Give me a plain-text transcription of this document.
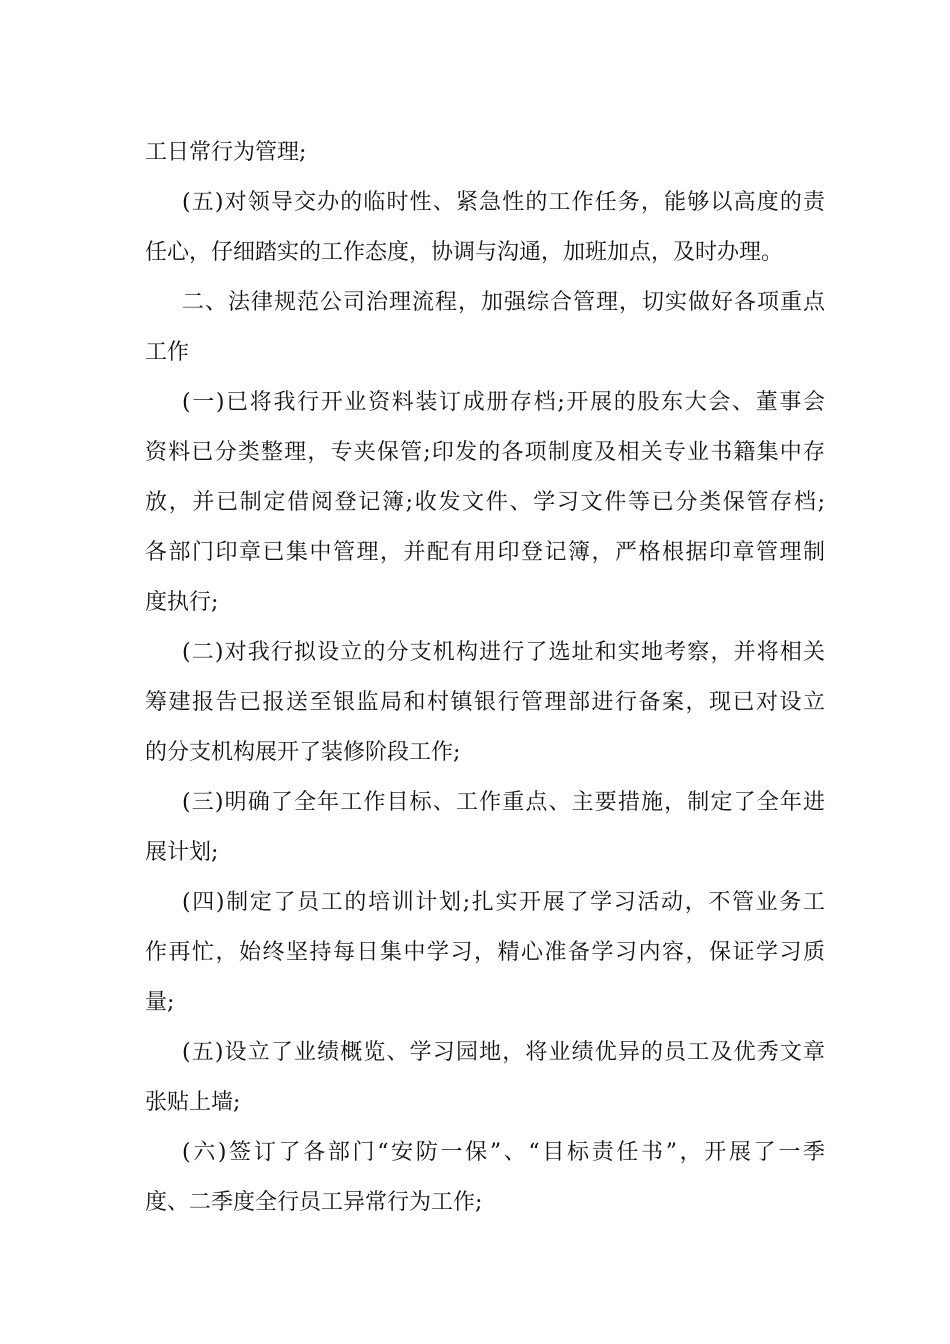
工日常行为管理;
(五)对领导交办的临时性、紧急性的工作任务，能够以高度的责
任心，仔细踏实的工作态度，协调与沟通，加班加点，及时办理。
二、法律规范公司治理流程，加强综合管理，切实做好各项重点
工作
(一)已将我行开业资料装订成册存档;开展的股东大会、董事会
资料已分类整理，专夹保管;印发的各项制度及相关专业书籍集中存
放，并已制定借阅登记簿;收发文件、学习文件等已分类保管存档;
各部门印章已集中管理，并配有用印登记簿，严格根据印章管理制
度执行;
(二)对我行拟设立的分支机构进行了选址和实地考察，并将相关
筹建报告已报送至银监局和村镇银行管理部进行备案，现已对设立
的分支机构展开了装修阶段工作;
(三)明确了全年工作目标、工作重点、主要措施，制定了全年进
展计划;
(四)制定了员工的培训计划;扎实开展了学习活动，不管业务工
作再忙，始终坚持每日集中学习，精心准备学习内容，保证学习质
量;
(五)设立了业绩概览、学习园地，将业绩优异的员工及优秀文章
张贴上墙;
(六)签订了各部门“安防一保”、“目标责任书”，开展了一季
度、二季度全行员工异常行为工作;
